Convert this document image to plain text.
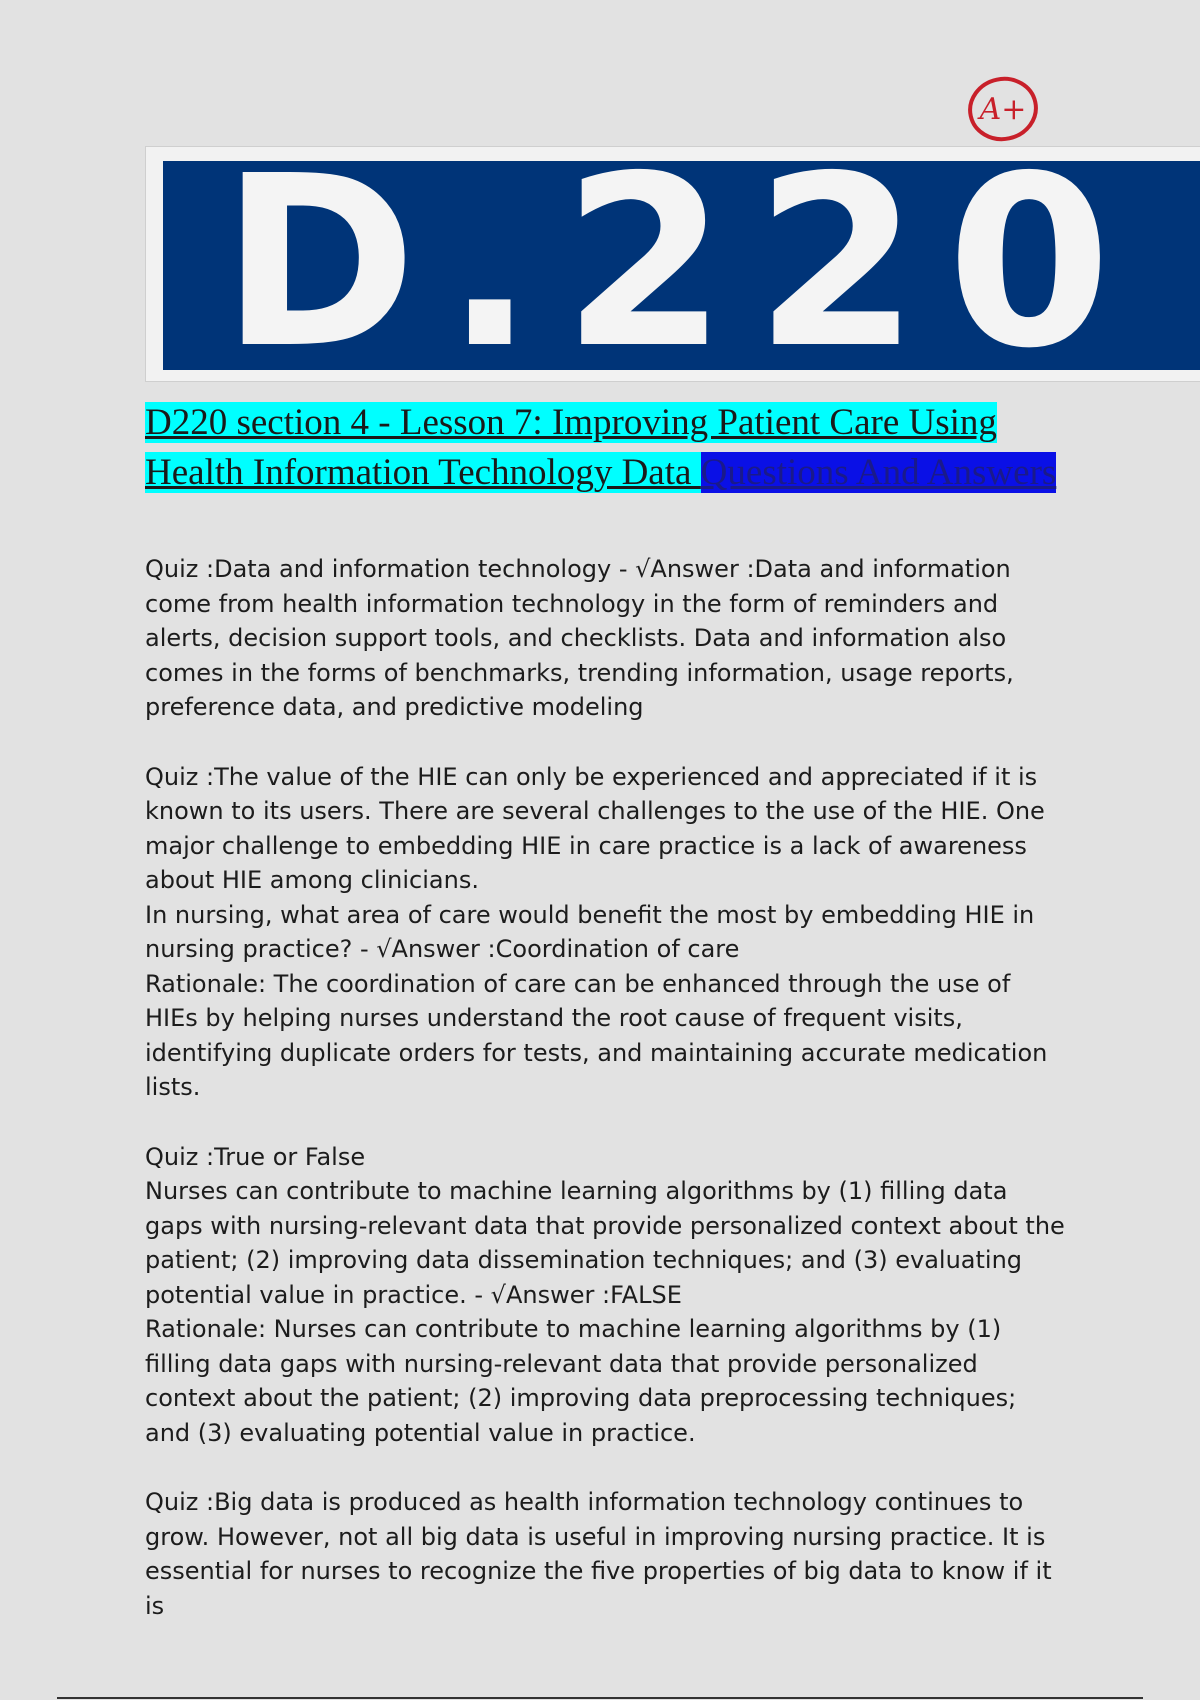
A+
D.220
D220 section 4 - Lesson 7: Improving Patient Care Using Health Information Technology Data Questions And Answers

Quiz :Data and information technology - √Answer :Data and information come from health information technology in the form of reminders and alerts, decision support tools, and checklists. Data and information also comes in the forms of benchmarks, trending information, usage reports, preference data, and predictive modeling

Quiz :The value of the HIE can only be experienced and appreciated if it is known to its users. There are several challenges to the use of the HIE. One major challenge to embedding HIE in care practice is a lack of awareness about HIE among clinicians.

In nursing, what area of care would benefit the most by embedding HIE in nursing practice? - √Answer :Coordination of care

Rationale: The coordination of care can be enhanced through the use of HIEs by helping nurses understand the root cause of frequent visits, identifying duplicate orders for tests, and maintaining accurate medication lists.

Quiz :True or False

Nurses can contribute to machine learning algorithms by (1) filling data gaps with nursing-relevant data that provide personalized context about the patient; (2) improving data dissemination techniques; and (3) evaluating potential value in practice. - √Answer :FALSE

Rationale: Nurses can contribute to machine learning algorithms by (1) filling data gaps with nursing-relevant data that provide personalized context about the patient; (2) improving data preprocessing techniques; and (3) evaluating potential value in practice.

Quiz :Big data is produced as health information technology continues to grow. However, not all big data is useful in improving nursing practice. It is essential for nurses to recognize the five properties of big data to know if it is
